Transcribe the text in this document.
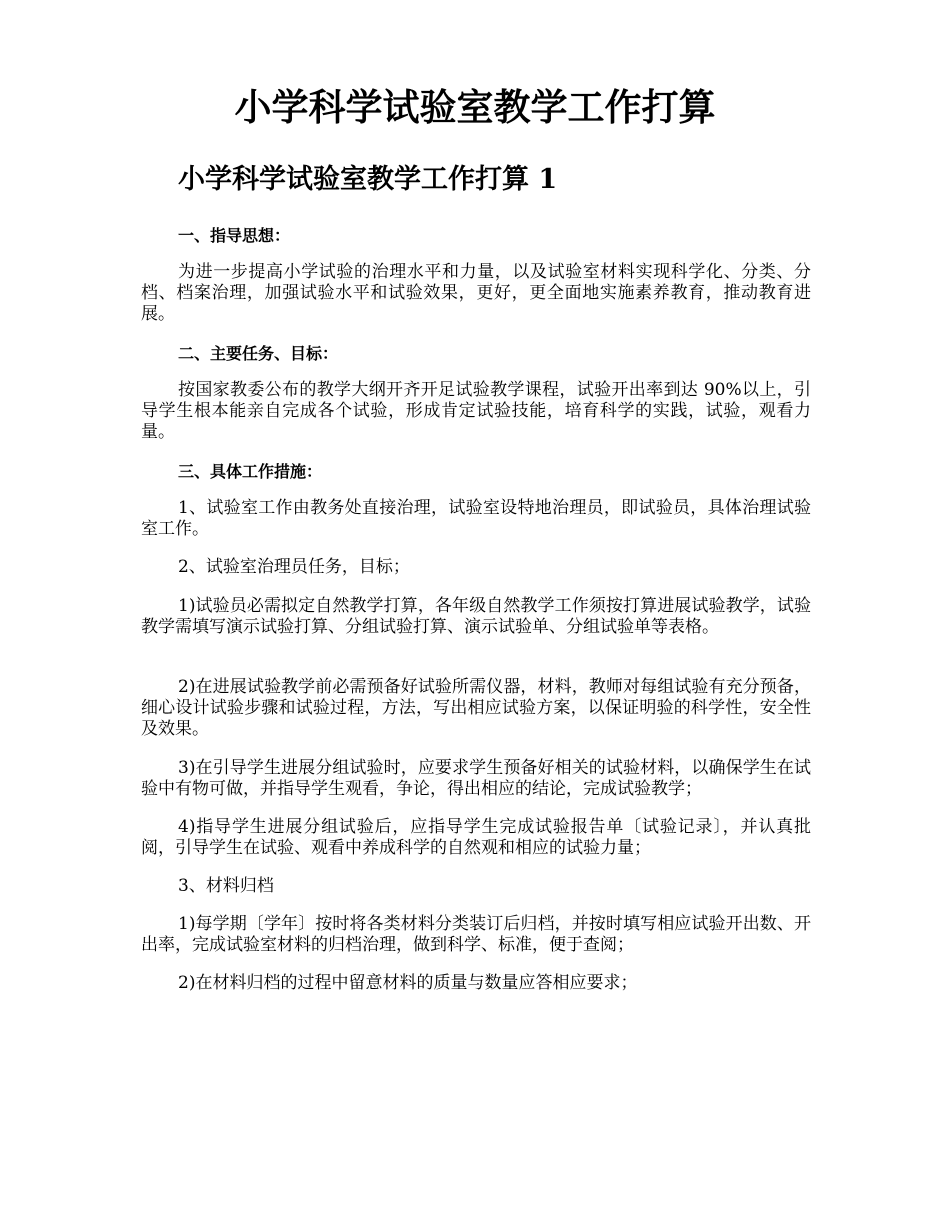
小学科学试验室教学工作打算
小学科学试验室教学工作打算 1

一、指导思想：

为进一步提高小学试验的治理水平和力量，以及试验室材料实现科学化、分类、分档、档案治理，加强试验水平和试验效果，更好，更全面地实施素养教育，推动教育进展。

二、主要任务、目标：

按国家教委公布的教学大纲开齐开足试验教学课程，试验开出率到达 90%以上，引导学生根本能亲自完成各个试验，形成肯定试验技能，培育科学的实践，试验，观看力量。

三、具体工作措施：

1、试验室工作由教务处直接治理，试验室设特地治理员，即试验员，具体治理试验室工作。

2、试验室治理员任务，目标；

1)试验员必需拟定自然教学打算，各年级自然教学工作须按打算进展试验教学，试验教学需填写演示试验打算、分组试验打算、演示试验单、分组试验单等表格。

2)在进展试验教学前必需预备好试验所需仪器，材料，教师对每组试验有充分预备，细心设计试验步骤和试验过程，方法，写出相应试验方案，以保证明验的科学性，安全性及效果。

3)在引导学生进展分组试验时，应要求学生预备好相关的试验材料，以确保学生在试验中有物可做，并指导学生观看，争论，得出相应的结论，完成试验教学；

4)指导学生进展分组试验后，应指导学生完成试验报告单〔试验记录〕，并认真批阅，引导学生在试验、观看中养成科学的自然观和相应的试验力量；

3、材料归档

1)每学期〔学年〕按时将各类材料分类装订后归档，并按时填写相应试验开出数、开出率，完成试验室材料的归档治理，做到科学、标准，便于查阅；

2)在材料归档的过程中留意材料的质量与数量应答相应要求；
